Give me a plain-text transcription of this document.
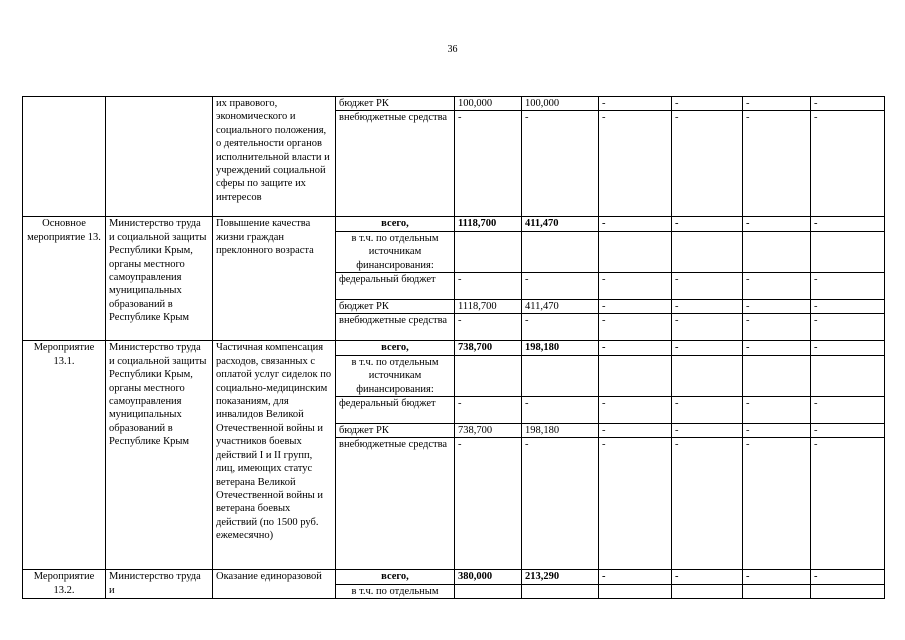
36
		их правового, экономического и социального положения, о деятельности органов исполнительной власти и учреждений социальной сферы по защите их интересов	бюджет РК	100,000	100,000	-	-	-	-
			внебюджетные средства	-	-	-	-	-	-
Основное мероприятие 13.	Министерство труда и социальной защиты Республики Крым, органы местного самоуправления муниципальных образований в Республике Крым	Повышение качества жизни граждан преклонного возраста	всего,	1118,700	411,470	-	-	-	-
			в т.ч. по отдельным источникам финансирования:						
			федеральный бюджет	-	-	-	-	-	-
			бюджет РК	1118,700	411,470	-	-	-	-
			внебюджетные средства	-	-	-	-	-	-
Мероприятие 13.1.	Министерство труда и социальной защиты Республики Крым, органы местного самоуправления муниципальных образований в Республике Крым	Частичная компенсация расходов, связанных с оплатой услуг сиделок по социально-медицинским показаниям, для инвалидов Великой Отечественной войны и участников боевых действий I и II групп, лиц, имеющих статус ветерана Великой Отечественной войны и ветерана боевых действий (по 1500 руб. ежемесячно)	всего,	738,700	198,180	-	-	-	-
			в т.ч. по отдельным источникам финансирования:						
			федеральный бюджет	-	-	-	-	-	-
			бюджет РК	738,700	198,180	-	-	-	-
			внебюджетные средства	-	-	-	-	-	-
Мероприятие 13.2.	Министерство труда и	Оказание единоразовой	всего,	380,000	213,290	-	-	-	-
			в т.ч. по отдельным						
